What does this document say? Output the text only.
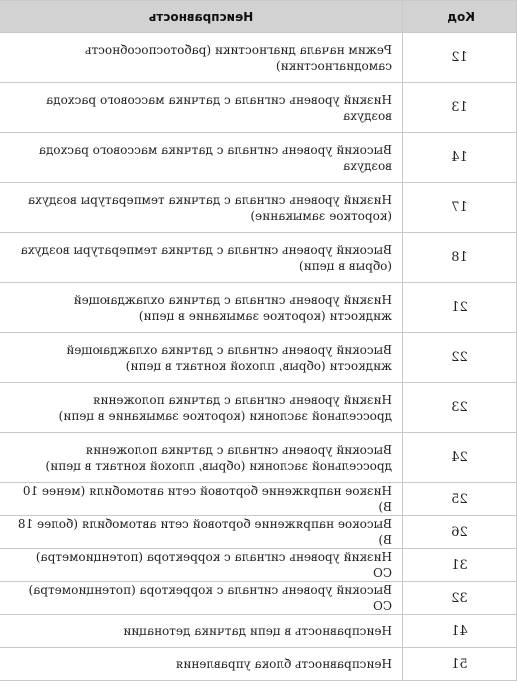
Код	Неисправность
12	Режим начала диагностики (работоспособность самодиагностики)
13	Низкий уровень сигнала с датчика массового расхода воздуха
14	Высокий уровень сигнала с датчика массового расхода воздуха
17	Низкий уровень сигнала с датчика температуры воздуха (короткое замыкание)
18	Высокий уровень сигнала с датчика температуры воздуха (обрыв в цепи)
21	Низкий уровень сигнала с датчика охлаждающей жидкости (короткое замыкание в цепи)
22	Высокий уровень сигнала с датчика охлаждающей жидкости (обрыв, плохой контакт в цепи)
23	Низкий уровень сигнала с датчика положения дроссельной заслонки (короткое замыкание в цепи)
24	Высокий уровень сигнала с датчика положения дроссельной заслонки (обрыв, плохой контакт в цепи)
25	Низкое напряжение бортовой сети автомобиля (менее 10 В)
26	Высокое напряжение бортовой сети автомобиля (более 18 В)
31	Низкий уровень сигнала с корректора (потенциометра) СО
32	Высокий уровень сигнала с корректора (потенциометра) СО
41	Неисправность в цепи датчика детонации
51	Неисправность блока управления
